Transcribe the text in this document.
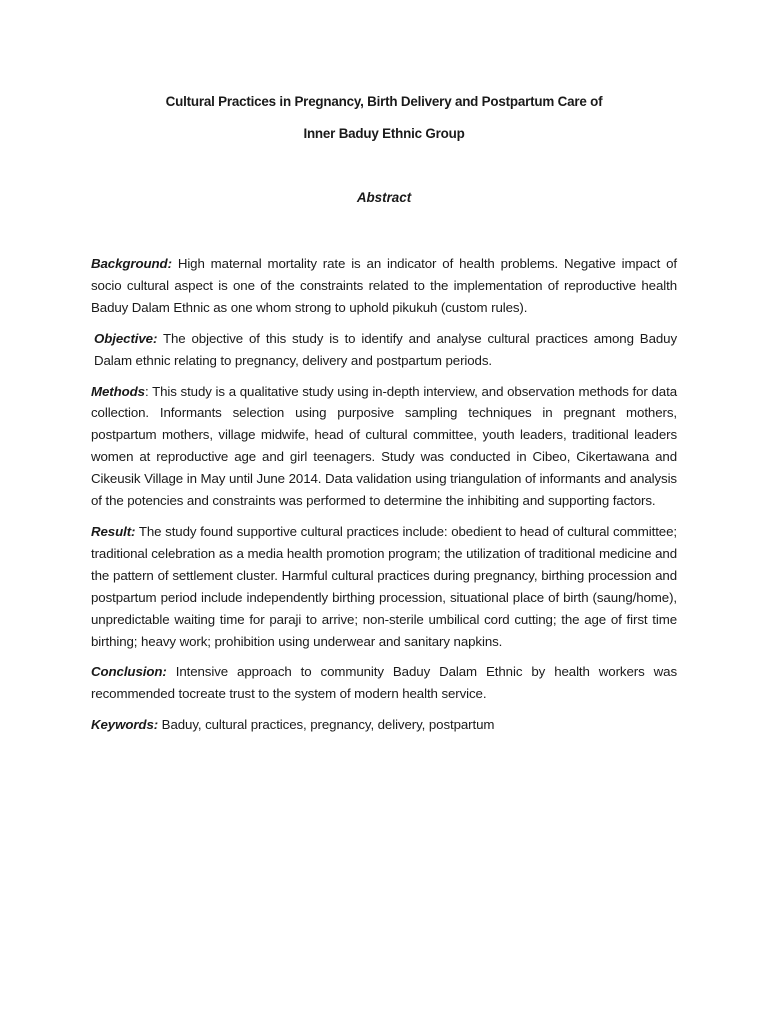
Cultural Practices in Pregnancy, Birth Delivery and Postpartum Care of
Inner Baduy Ethnic Group
Abstract

Background: High maternal mortality rate is an indicator of health problems. Negative impact of socio cultural aspect is one of the constraints related to the implementation of reproductive health Baduy Dalam Ethnic as one whom strong to uphold pikukuh (custom rules).

Objective: The objective of this study is to identify and analyse cultural practices among Baduy Dalam ethnic relating to pregnancy, delivery and postpartum periods.

Methods: This study is a qualitative study using in-depth interview, and observation methods for data collection. Informants selection using purposive sampling techniques in pregnant mothers, postpartum mothers, village midwife, head of cultural committee, youth leaders, traditional leaders women at reproductive age and girl teenagers. Study was conducted in Cibeo, Cikertawana and Cikeusik Village in May until June 2014. Data validation using triangulation of informants and analysis of the potencies and constraints was performed to determine the inhibiting and supporting factors.

Result: The study found supportive cultural practices include: obedient to head of cultural committee; traditional celebration as a media health promotion program; the utilization of traditional medicine and the pattern of settlement cluster. Harmful cultural practices during pregnancy, birthing procession and postpartum period include independently birthing procession, situational place of birth (saung/home), unpredictable waiting time for paraji to arrive; non-sterile umbilical cord cutting; the age of first time birthing; heavy work; prohibition using underwear and sanitary napkins.

Conclusion: Intensive approach to community Baduy Dalam Ethnic by health workers was recommended tocreate trust to the system of modern health service.

Keywords: Baduy, cultural practices, pregnancy, delivery, postpartum
